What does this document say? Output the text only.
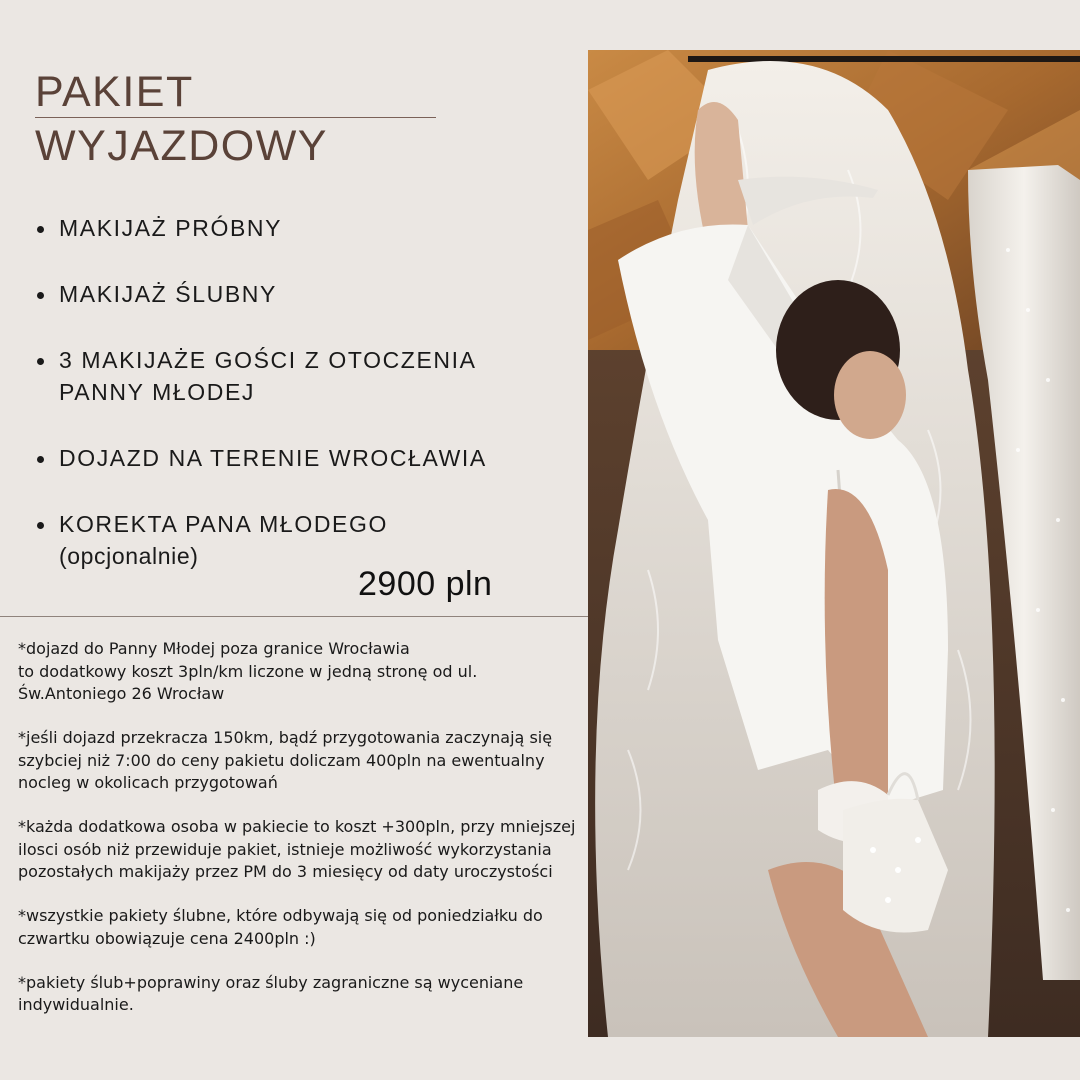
PAKIET
WYJAZDOWY
MAKIJAŻ PRÓBNY
MAKIJAŻ ŚLUBNY
3 MAKIJAŻE GOŚCI Z OTOCZENIA PANNY MŁODEJ
DOJAZD NA TERENIE WROCŁAWIA
KOREKTA PANA MŁODEGO
(opcjonalnie)
2900 pln

*dojazd do Panny Młodej poza granice Wrocławia
to dodatkowy koszt 3pln/km liczone w jedną stronę od ul. Św.Antoniego 26 Wrocław

*jeśli dojazd przekracza 150km, bądź przygotowania zaczynają się szybciej niż 7:00 do ceny pakietu doliczam 400pln na ewentualny nocleg w okolicach przygotowań

*każda dodatkowa osoba w pakiecie to koszt +300pln, przy mniejszej ilosci osób niż przewiduje pakiet, istnieje możliwość wykorzystania pozostałych makijaży przez PM do 3 miesięcy od daty uroczystości

*wszystkie pakiety ślubne, które odbywają się od poniedziałku do czwartku obowiązuje cena 2400pln :)

*pakiety ślub+poprawiny oraz śluby zagraniczne są wyceniane indywidualnie.
